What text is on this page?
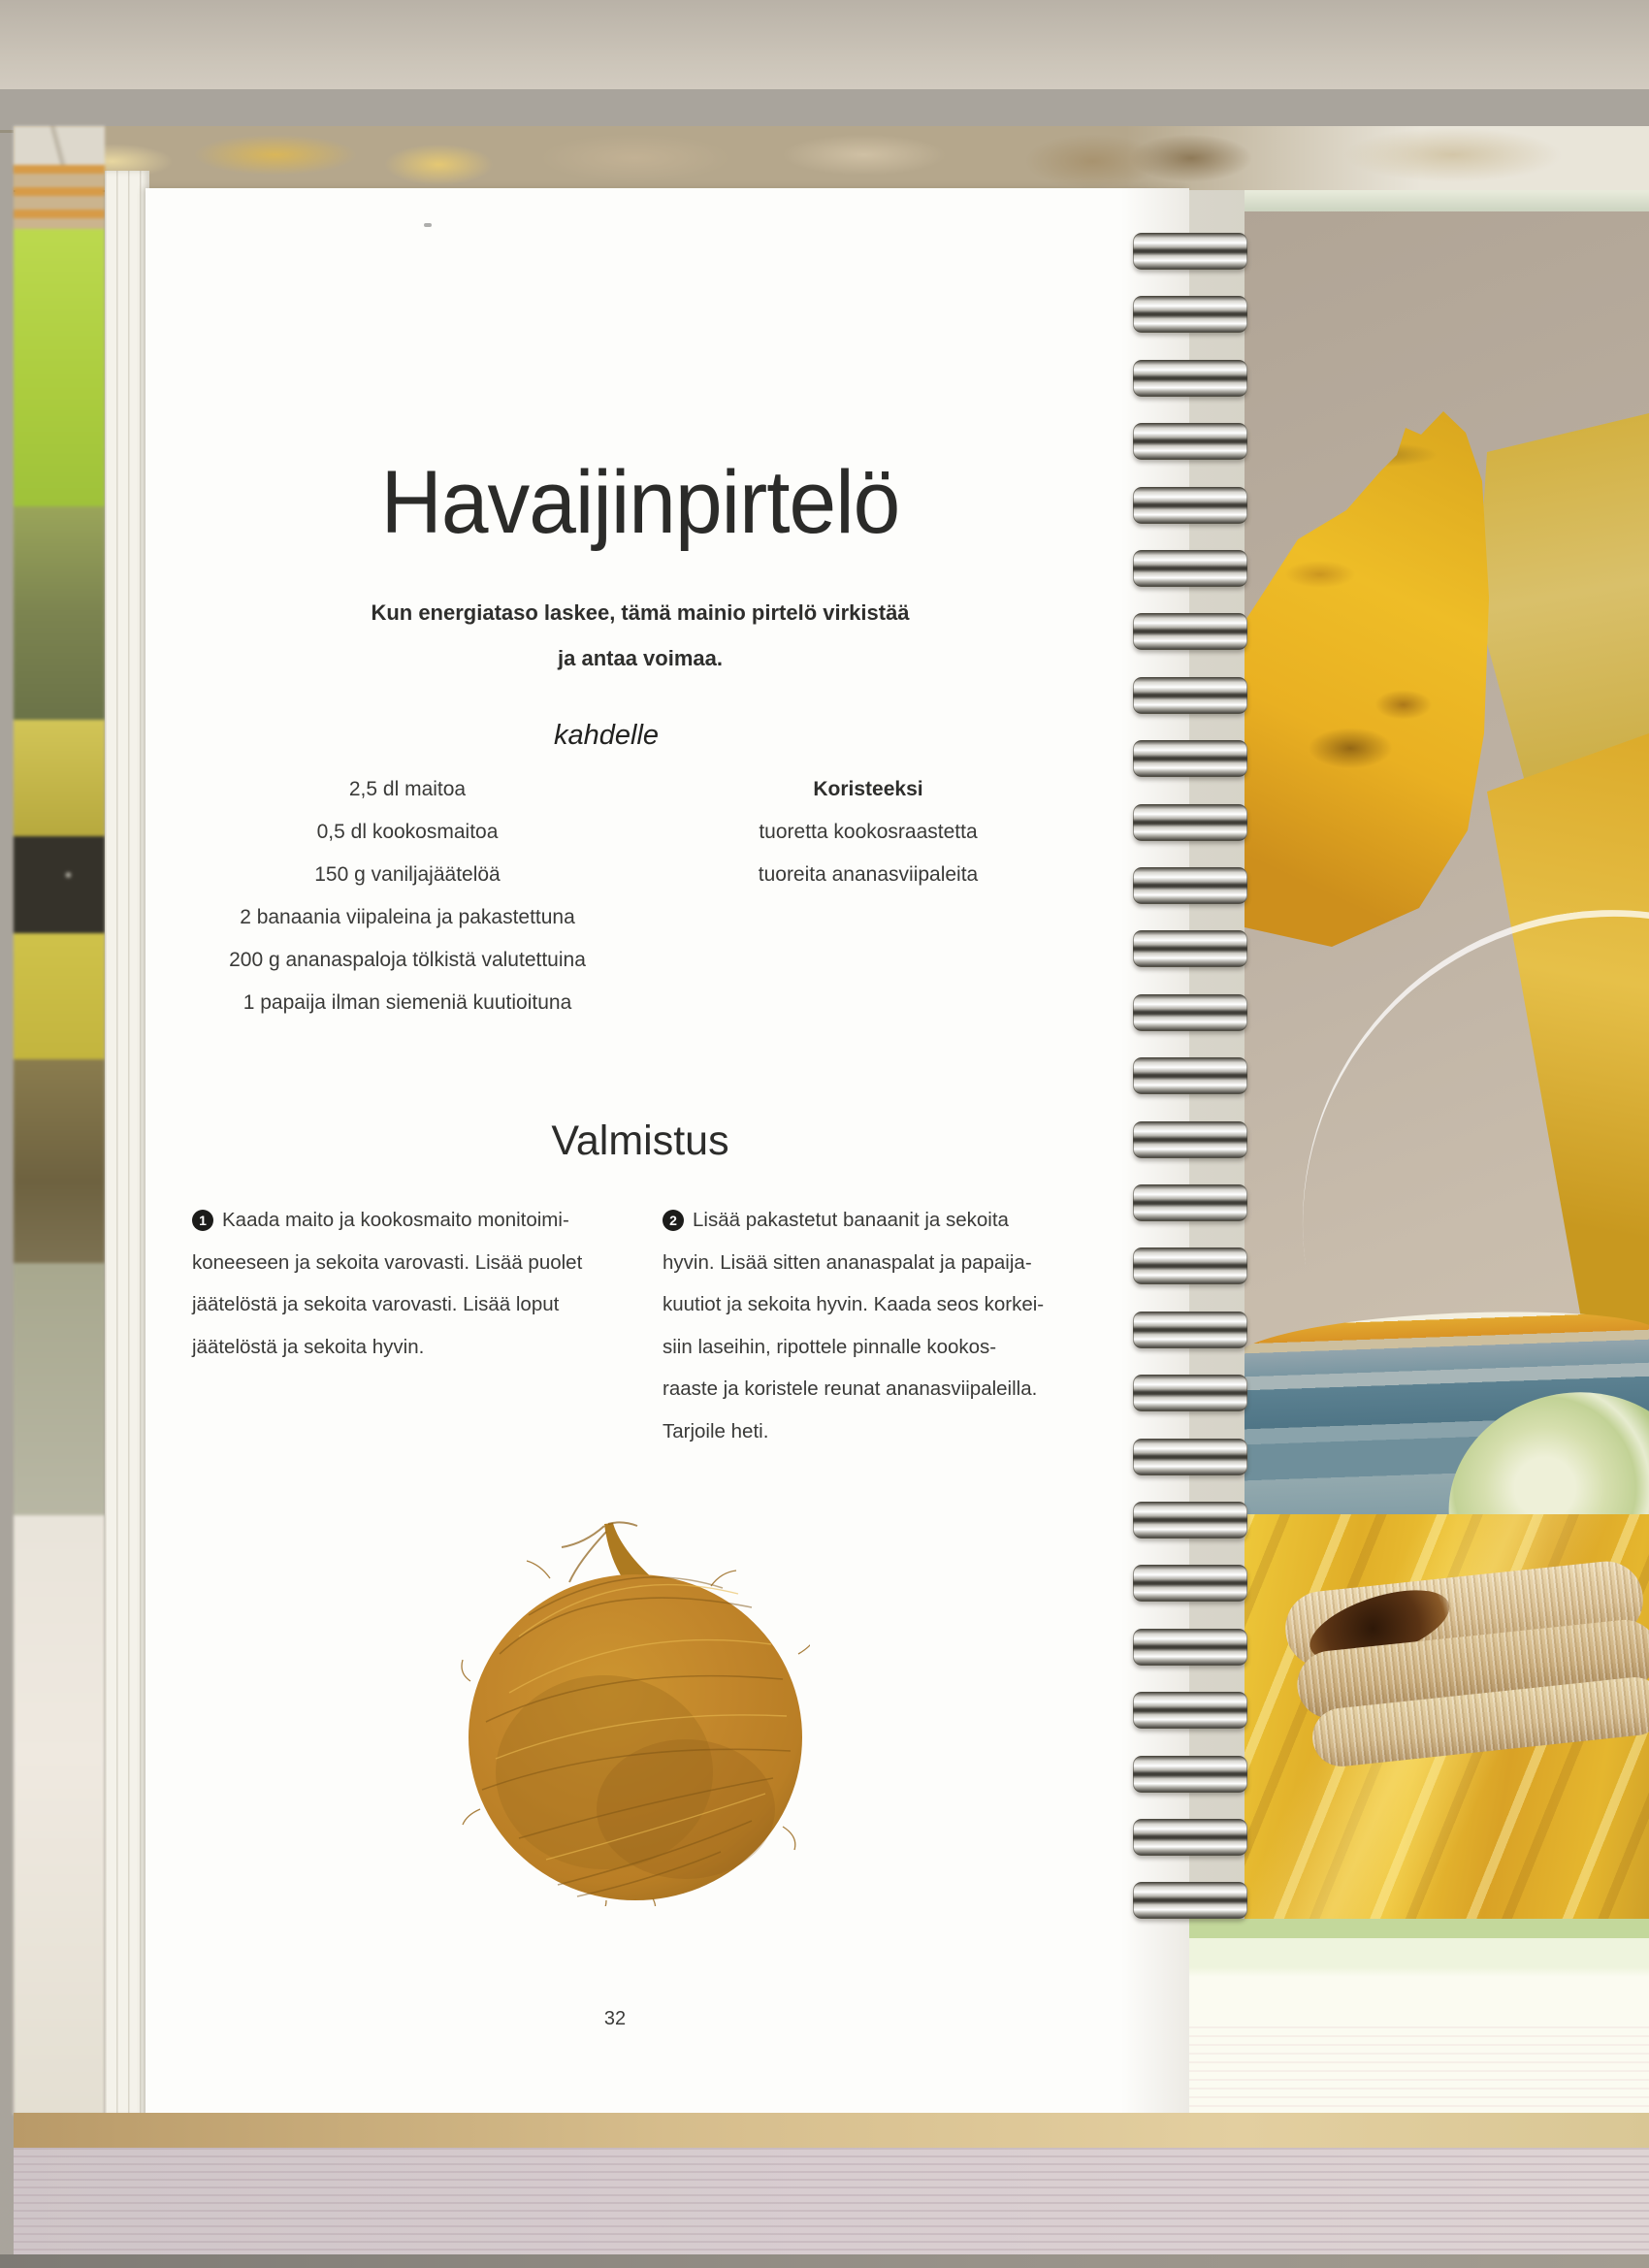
Havaijinpirtelö
Kun energiataso laskee, tämä mainio pirtelö virkistää
ja antaa voimaa.
kahdelle
2,5 dl maitoa
0,5 dl kookosmaitoa
150 g vaniljajäätelöä
2 banaania viipaleina ja pakastettuna
200 g ananaspaloja tölkistä valutettuina
1 papaija ilman siemeniä kuutioituna
Koristeeksi
tuoretta kookosraastetta
tuoreita ananasviipaleita
Valmistus
1 Kaada maito ja kookosmaito monitoimi-
koneeseen ja sekoita varovasti. Lisää puolet
jäätelöstä ja sekoita varovasti. Lisää loput
jäätelöstä ja sekoita hyvin.
2 Lisää pakastetut banaanit ja sekoita
hyvin. Lisää sitten ananaspalat ja papaija-
kuutiot ja sekoita hyvin. Kaada seos korkei-
siin laseihin, ripottele pinnalle kookos-
raaste ja koristele reunat ananasviipaleilla.
Tarjoile heti.
32
